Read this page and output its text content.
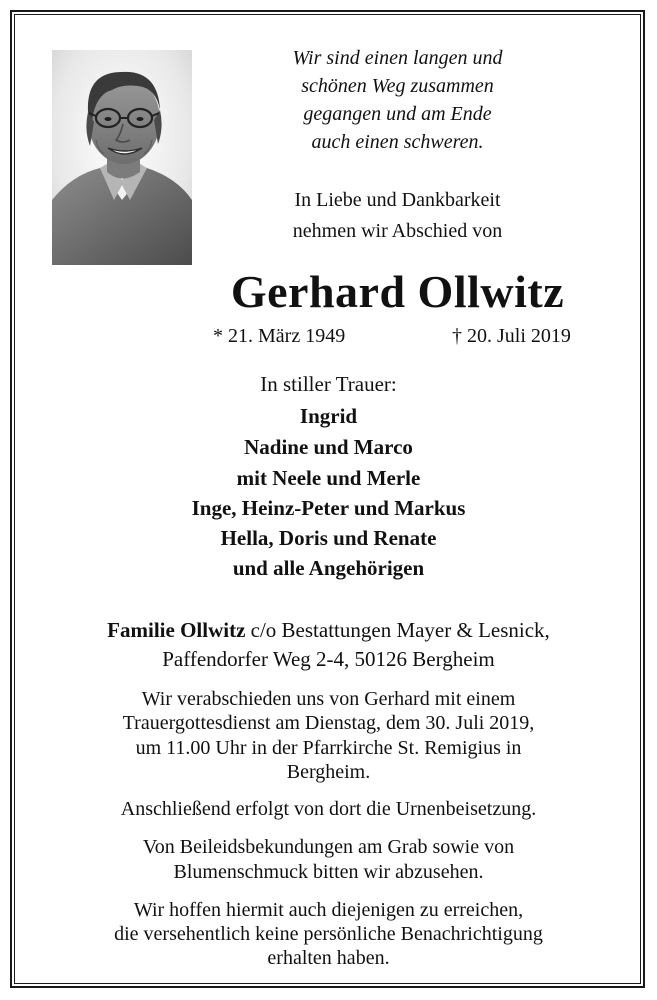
Wir sind einen langen und
schönen Weg zusammen
gegangen und am Ende
auch einen schweren.
In Liebe und Dankbarkeit
nehmen wir Abschied von
Gerhard Ollwitz
* 21. März 1949	† 20. Juli 2019
In stiller Trauer:
Ingrid
Nadine und Marco
mit Neele und Merle
Inge, Heinz-Peter und Markus
Hella, Doris und Renate
und alle Angehörigen
Familie Ollwitz c/o Bestattungen Mayer & Lesnick,
Paffendorfer Weg 2-4, 50126 Bergheim
Wir verabschieden uns von Gerhard mit einem
Trauergottesdienst am Dienstag, dem 30. Juli 2019,
um 11.00 Uhr in der Pfarrkirche St. Remigius in
Bergheim.
Anschließend erfolgt von dort die Urnenbeisetzung.
Von Beileidsbekundungen am Grab sowie von
Blumenschmuck bitten wir abzusehen.
Wir hoffen hiermit auch diejenigen zu erreichen,
die versehentlich keine persönliche Benachrichtigung
erhalten haben.
